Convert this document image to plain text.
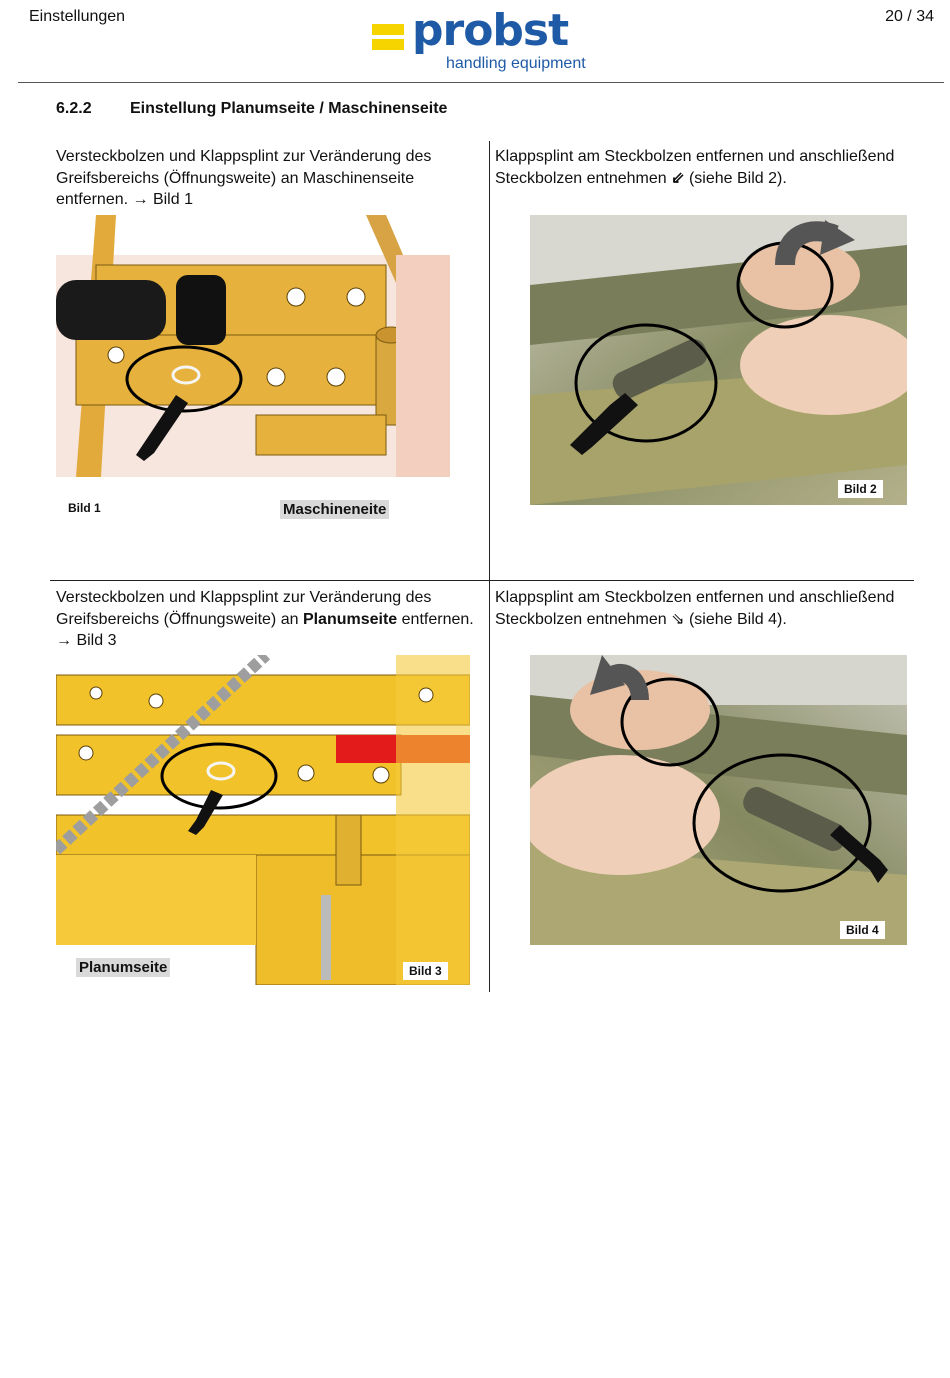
Einstellungen	20 / 34
probst
handling equipment
6.2.2 Einstellung Planumseite / Maschinenseite
Versteckbolzen und Klappsplint zur Veränderung des Greifsbereichs (Öffnungsweite) an Maschinenseite entfernen. → Bild 1
Bild 1	Maschineneite
Klappsplint am Steckbolzen entfernen und anschließend Steckbolzen entnehmen ⇙ (siehe Bild 2).
Bild 2
Versteckbolzen und Klappsplint zur Veränderung des Greifsbereichs (Öffnungsweite) an Planumseite entfernen. → Bild 3
Planumseite	Bild 3
Klappsplint am Steckbolzen entfernen und anschließend Steckbolzen entnehmen ⇘ (siehe Bild 4).
Bild 4
